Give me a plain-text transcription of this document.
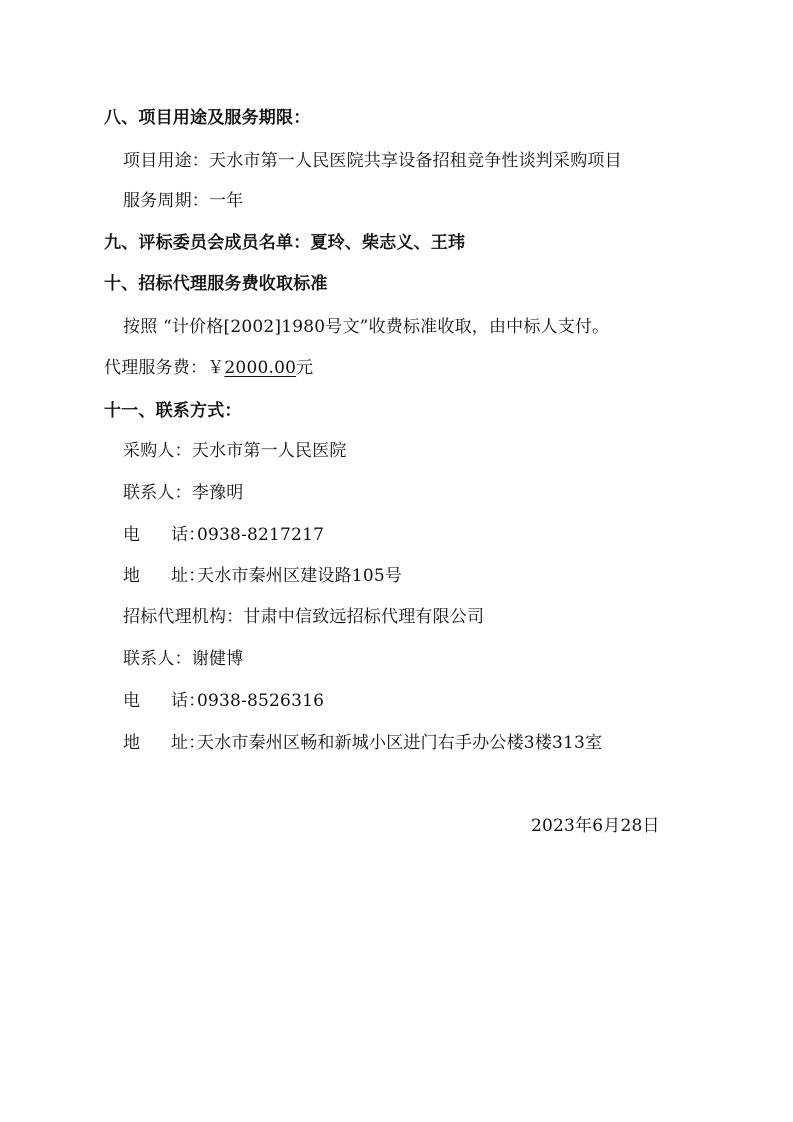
八、项目用途及服务期限：
项目用途：天水市第一人民医院共享设备招租竞争性谈判采购项目
服务周期：一年
九、评标委员会成员名单：夏玲、柴志义、王玮
十、招标代理服务费收取标准
按照 “计价格[2002]1980号文”收费标准收取，由中标人支付。
代理服务费：￥2000.00元
十一、联系方式：
采购人：天水市第一人民医院
联系人：李豫明
电 话：0938-8217217
地 址：天水市秦州区建设路105号
招标代理机构：甘肃中信致远招标代理有限公司
联系人：谢健博
电 话：0938-8526316
地 址：天水市秦州区畅和新城小区进门右手办公楼3楼313室
2023年6月28日
